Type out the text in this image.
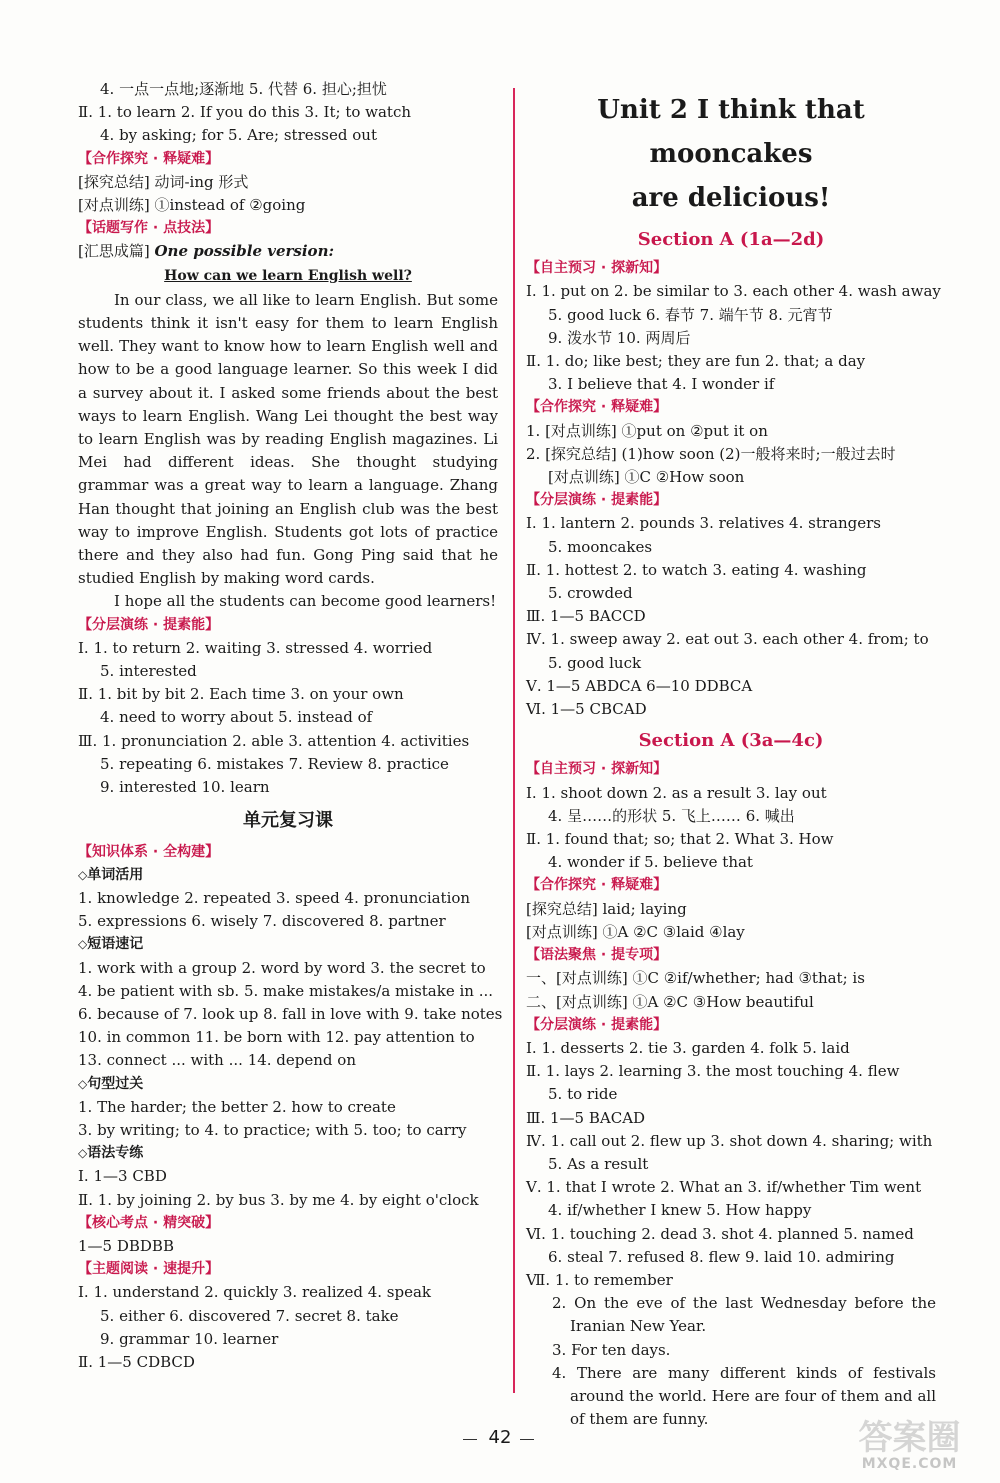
4. 一点一点地;逐渐地 5. 代替 6. 担心;担忧
Ⅱ. 1. to learn 2. If you do this 3. It; to watch
4. by asking; for 5. Are; stressed out
【合作探究 · 释疑难】
[探究总结] 动词-ing 形式
[对点训练] ①instead of ②going
【话题写作 · 点技法】
[汇思成篇] One possible version:
How can we learn English well?

In our class, we all like to learn English. But some students think it isn't easy for them to learn English well. They want to know how to learn English well and how to be a good language learner. So this week I did a survey about it. I asked some friends about the best ways to learn English. Wang Lei thought the best way to learn English was by reading English magazines. Li Mei had different ideas. She thought studying grammar was a great way to learn a language. Zhang Han thought that joining an English club was the best way to improve English. Students got lots of practice there and they also had fun. Gong Ping said that he studied English by making word cards.

I hope all the students can become good learners!

【分层演练 · 提素能】
Ⅰ. 1. to return 2. waiting 3. stressed 4. worried
5. interested
Ⅱ. 1. bit by bit 2. Each time 3. on your own
4. need to worry about 5. instead of
Ⅲ. 1. pronunciation 2. able 3. attention 4. activities
5. repeating 6. mistakes 7. Review 8. practice
9. interested 10. learn
单元复习课
【知识体系 · 全构建】
◇单词活用
1. knowledge 2. repeated 3. speed 4. pronunciation
5. expressions 6. wisely 7. discovered 8. partner
◇短语速记
1. work with a group 2. word by word 3. the secret to
4. be patient with sb. 5. make mistakes/a mistake in ...
6. because of 7. look up 8. fall in love with 9. take notes
10. in common 11. be born with 12. pay attention to
13. connect ... with ... 14. depend on
◇句型过关
1. The harder; the better 2. how to create
3. by writing; to 4. to practice; with 5. too; to carry
◇语法专练
Ⅰ. 1—3 CBD
Ⅱ. 1. by joining 2. by bus 3. by me 4. by eight o'clock
【核心考点 · 精突破】
1—5 DBDBB
【主题阅读 · 速提升】
Ⅰ. 1. understand 2. quickly 3. realized 4. speak
5. either 6. discovered 7. secret 8. take
9. grammar 10. learner
Ⅱ. 1—5 CDBCD
Unit 2 I think that mooncakes
are delicious!
Section A (1a—2d)
【自主预习 · 探新知】
Ⅰ. 1. put on 2. be similar to 3. each other 4. wash away
5. good luck 6. 春节 7. 端午节 8. 元宵节
9. 泼水节 10. 两周后
Ⅱ. 1. do; like best; they are fun 2. that; a day
3. I believe that 4. I wonder if
【合作探究 · 释疑难】
1. [对点训练] ①put on ②put it on
2. [探究总结] (1)how soon (2)一般将来时;一般过去时
[对点训练] ①C ②How soon
【分层演练 · 提素能】
Ⅰ. 1. lantern 2. pounds 3. relatives 4. strangers
5. mooncakes
Ⅱ. 1. hottest 2. to watch 3. eating 4. washing
5. crowded
Ⅲ. 1—5 BACCD
Ⅳ. 1. sweep away 2. eat out 3. each other 4. from; to
5. good luck
Ⅴ. 1—5 ABDCA 6—10 DDBCA
Ⅵ. 1—5 CBCAD
Section A (3a—4c)
【自主预习 · 探新知】
Ⅰ. 1. shoot down 2. as a result 3. lay out
4. 呈……的形状 5. 飞上…… 6. 喊出
Ⅱ. 1. found that; so; that 2. What 3. How
4. wonder if 5. believe that
【合作探究 · 释疑难】
[探究总结] laid; laying
[对点训练] ①A ②C ③laid ④lay
【语法聚焦 · 提专项】
一、[对点训练] ①C ②if/whether; had ③that; is
二、[对点训练] ①A ②C ③How beautiful
【分层演练 · 提素能】
Ⅰ. 1. desserts 2. tie 3. garden 4. folk 5. laid
Ⅱ. 1. lays 2. learning 3. the most touching 4. flew
5. to ride
Ⅲ. 1—5 BACAD
Ⅳ. 1. call out 2. flew up 3. shot down 4. sharing; with
5. As a result
Ⅴ. 1. that I wrote 2. What an 3. if/whether Tim went
4. if/whether I knew 5. How happy
Ⅵ. 1. touching 2. dead 3. shot 4. planned 5. named
6. steal 7. refused 8. flew 9. laid 10. admiring
Ⅶ. 1. to remember
2. On the eve of the last Wednesday before the Iranian New Year.
3. For ten days.
4. There are many different kinds of festivals around the world. Here are four of them and all of them are funny.
42	答案圈
MXQE.COM
